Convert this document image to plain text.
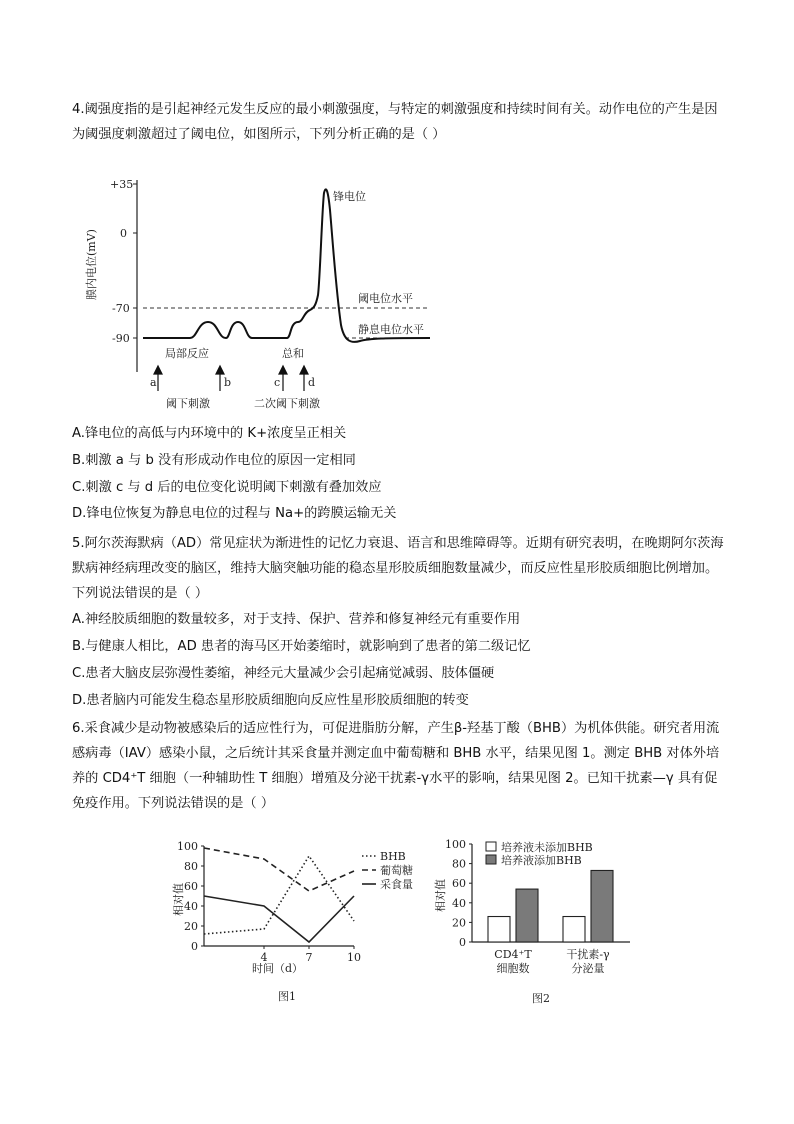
4.阈强度指的是引起神经元发生反应的最小刺激强度，与特定的刺激强度和持续时间有关。动作电位的产生是因为阈强度刺激超过了阈电位，如图所示，下列分析正确的是（ ）
膜内电位(mV)
+35
0
-70
-90
锋电位
阈电位水平
静息电位水平
局部反应	总和
a	b	c	d
阈下刺激	二次阈下刺激
A.锋电位的高低与内环境中的 K+浓度呈正相关
B.刺激 a 与 b 没有形成动作电位的原因一定相同
C.刺激 c 与 d 后的电位变化说明阈下刺激有叠加效应
D.锋电位恢复为静息电位的过程与 Na+的跨膜运输无关
5.阿尔茨海默病（AD）常见症状为渐进性的记忆力衰退、语言和思维障碍等。近期有研究表明，在晚期阿尔茨海默病神经病理改变的脑区，维持大脑突触功能的稳态星形胶质细胞数量减少，而反应性星形胶质细胞比例增加。下列说法错误的是（ ）
A.神经胶质细胞的数量较多，对于支持、保护、营养和修复神经元有重要作用
B.与健康人相比，AD 患者的海马区开始萎缩时，就影响到了患者的第二级记忆
C.患者大脑皮层弥漫性萎缩，神经元大量减少会引起痛觉减弱、肢体僵硬
D.患者脑内可能发生稳态星形胶质细胞向反应性星形胶质细胞的转变
6.采食减少是动物被感染后的适应性行为，可促进脂肪分解，产生β-羟基丁酸（BHB）为机体供能。研究者用流感病毒（IAV）感染小鼠，之后统计其采食量并测定血中葡萄糖和 BHB 水平，结果见图 1。测定 BHB 对体外培养的 CD4⁺T 细胞（一种辅助性 T 细胞）增殖及分泌干扰素-γ水平的影响，结果见图 2。已知干扰素—γ 具有促免疫作用。下列说法错误的是（ ）
0
20
40
60
80
100
4	7	10
BHB
葡萄糖
采食量
相对值
时间（d）
图1
0
20
40
60
80
100
CD4⁺T
细胞数
干扰素-γ
分泌量
培养液未添加BHB
培养液添加BHB
相对值
图2
